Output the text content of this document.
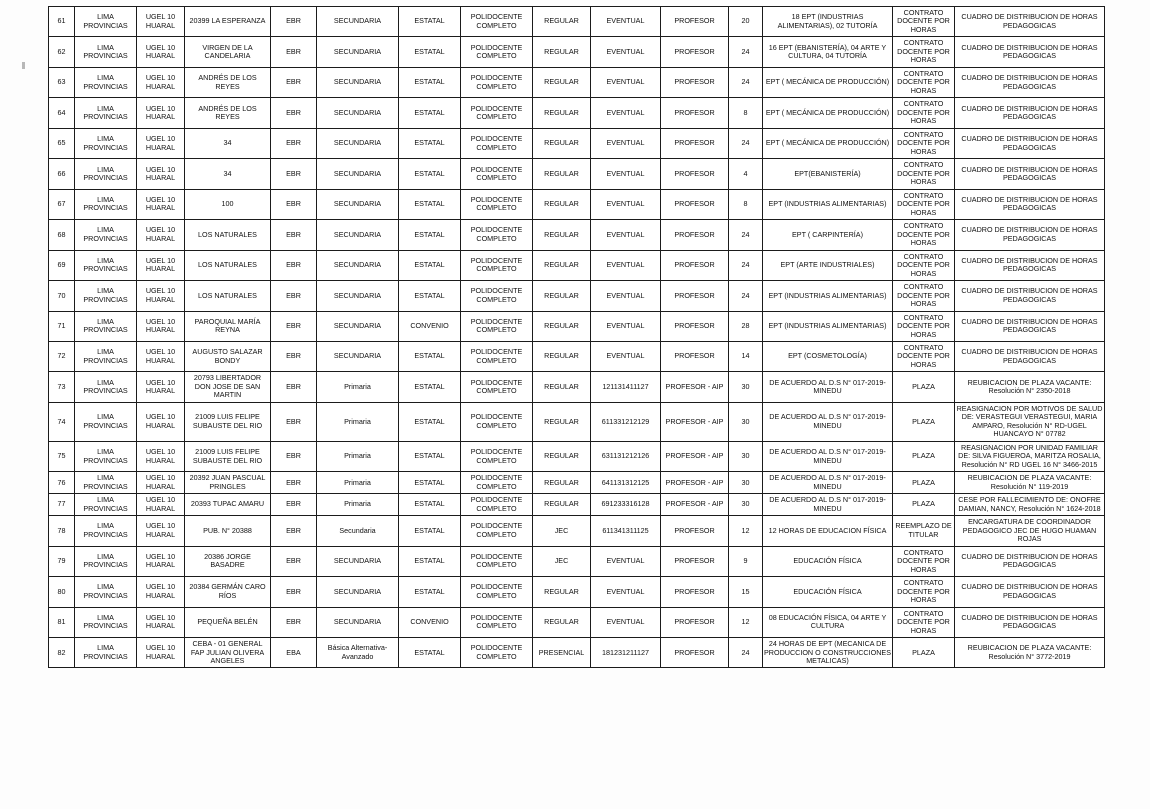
61	LIMA PROVINCIAS	UGEL 10 HUARAL	20399 LA ESPERANZA	EBR	SECUNDARIA	ESTATAL	POLIDOCENTE COMPLETO	REGULAR	EVENTUAL	PROFESOR	20	18 EPT (INDUSTRIAS ALIMENTARIAS), 02 TUTORÍA	CONTRATO DOCENTE POR HORAS	CUADRO DE DISTRIBUCION DE HORAS PEDAGOGICAS
62	LIMA PROVINCIAS	UGEL 10 HUARAL	VIRGEN DE LA CANDELARIA	EBR	SECUNDARIA	ESTATAL	POLIDOCENTE COMPLETO	REGULAR	EVENTUAL	PROFESOR	24	16 EPT (EBANISTERÍA), 04 ARTE Y CULTURA, 04 TUTORÍA	CONTRATO DOCENTE POR HORAS	CUADRO DE DISTRIBUCION DE HORAS PEDAGOGICAS
63	LIMA PROVINCIAS	UGEL 10 HUARAL	ANDRÉS DE LOS REYES	EBR	SECUNDARIA	ESTATAL	POLIDOCENTE COMPLETO	REGULAR	EVENTUAL	PROFESOR	24	EPT ( MECÁNICA DE PRODUCCIÓN)	CONTRATO DOCENTE POR HORAS	CUADRO DE DISTRIBUCION DE HORAS PEDAGOGICAS
64	LIMA PROVINCIAS	UGEL 10 HUARAL	ANDRÉS DE LOS REYES	EBR	SECUNDARIA	ESTATAL	POLIDOCENTE COMPLETO	REGULAR	EVENTUAL	PROFESOR	8	EPT ( MECÁNICA DE PRODUCCIÓN)	CONTRATO DOCENTE POR HORAS	CUADRO DE DISTRIBUCION DE HORAS PEDAGOGICAS
65	LIMA PROVINCIAS	UGEL 10 HUARAL	34	EBR	SECUNDARIA	ESTATAL	POLIDOCENTE COMPLETO	REGULAR	EVENTUAL	PROFESOR	24	EPT ( MECÁNICA DE PRODUCCIÓN)	CONTRATO DOCENTE POR HORAS	CUADRO DE DISTRIBUCION DE HORAS PEDAGOGICAS
66	LIMA PROVINCIAS	UGEL 10 HUARAL	34	EBR	SECUNDARIA	ESTATAL	POLIDOCENTE COMPLETO	REGULAR	EVENTUAL	PROFESOR	4	EPT(EBANISTERÍA)	CONTRATO DOCENTE POR HORAS	CUADRO DE DISTRIBUCION DE HORAS PEDAGOGICAS
67	LIMA PROVINCIAS	UGEL 10 HUARAL	100	EBR	SECUNDARIA	ESTATAL	POLIDOCENTE COMPLETO	REGULAR	EVENTUAL	PROFESOR	8	EPT (INDUSTRIAS ALIMENTARIAS)	CONTRATO DOCENTE POR HORAS	CUADRO DE DISTRIBUCION DE HORAS PEDAGOGICAS
68	LIMA PROVINCIAS	UGEL 10 HUARAL	LOS NATURALES	EBR	SECUNDARIA	ESTATAL	POLIDOCENTE COMPLETO	REGULAR	EVENTUAL	PROFESOR	24	EPT ( CARPINTERÍA)	CONTRATO DOCENTE POR HORAS	CUADRO DE DISTRIBUCION DE HORAS PEDAGOGICAS
69	LIMA PROVINCIAS	UGEL 10 HUARAL	LOS NATURALES	EBR	SECUNDARIA	ESTATAL	POLIDOCENTE COMPLETO	REGULAR	EVENTUAL	PROFESOR	24	EPT (ARTE INDUSTRIALES)	CONTRATO DOCENTE POR HORAS	CUADRO DE DISTRIBUCION DE HORAS PEDAGOGICAS
70	LIMA PROVINCIAS	UGEL 10 HUARAL	LOS NATURALES	EBR	SECUNDARIA	ESTATAL	POLIDOCENTE COMPLETO	REGULAR	EVENTUAL	PROFESOR	24	EPT (INDUSTRIAS ALIMENTARIAS)	CONTRATO DOCENTE POR HORAS	CUADRO DE DISTRIBUCION DE HORAS PEDAGOGICAS
71	LIMA PROVINCIAS	UGEL 10 HUARAL	PAROQUIAL MARÍA REYNA	EBR	SECUNDARIA	CONVENIO	POLIDOCENTE COMPLETO	REGULAR	EVENTUAL	PROFESOR	28	EPT (INDUSTRIAS ALIMENTARIAS)	CONTRATO DOCENTE POR HORAS	CUADRO DE DISTRIBUCION DE HORAS PEDAGOGICAS
72	LIMA PROVINCIAS	UGEL 10 HUARAL	AUGUSTO SALAZAR BONDY	EBR	SECUNDARIA	ESTATAL	POLIDOCENTE COMPLETO	REGULAR	EVENTUAL	PROFESOR	14	EPT (COSMETOLOGÍA)	CONTRATO DOCENTE POR HORAS	CUADRO DE DISTRIBUCION DE HORAS PEDAGOGICAS
73	LIMA PROVINCIAS	UGEL 10 HUARAL	20793 LIBERTADOR DON JOSE DE SAN MARTIN	EBR	Primaria	ESTATAL	POLIDOCENTE COMPLETO	REGULAR	121131411127	PROFESOR - AIP	30	DE ACUERDO AL D.S N° 017-2019- MINEDU	PLAZA	REUBICACION DE PLAZA VACANTE: Resolución N° 2350-2018
74	LIMA PROVINCIAS	UGEL 10 HUARAL	21009 LUIS FELIPE SUBAUSTE DEL RIO	EBR	Primaria	ESTATAL	POLIDOCENTE COMPLETO	REGULAR	611331212129	PROFESOR - AIP	30	DE ACUERDO AL D.S N° 017-2019- MINEDU	PLAZA	REASIGNACION POR MOTIVOS DE SALUD DE: VERASTEGUI VERASTEGUI, MARIA AMPARO, Resolución N° RD-UGEL HUANCAYO N° 07782
75	LIMA PROVINCIAS	UGEL 10 HUARAL	21009 LUIS FELIPE SUBAUSTE DEL RIO	EBR	Primaria	ESTATAL	POLIDOCENTE COMPLETO	REGULAR	631131212126	PROFESOR - AIP	30	DE ACUERDO AL D.S N° 017-2019- MINEDU	PLAZA	REASIGNACION POR UNIDAD FAMILIAR DE: SILVA FIGUEROA, MARITZA ROSALIA, Resolución N° RD UGEL 16 N° 3466-2015
76	LIMA PROVINCIAS	UGEL 10 HUARAL	20392 JUAN PASCUAL PRINGLES	EBR	Primaria	ESTATAL	POLIDOCENTE COMPLETO	REGULAR	641131312125	PROFESOR - AIP	30	DE ACUERDO AL D.S N° 017-2019- MINEDU	PLAZA	REUBICACION DE PLAZA VACANTE: Resolución N° 119-2019
77	LIMA PROVINCIAS	UGEL 10 HUARAL	20393 TUPAC AMARU	EBR	Primaria	ESTATAL	POLIDOCENTE COMPLETO	REGULAR	691233316128	PROFESOR - AIP	30	DE ACUERDO AL D.S N° 017-2019- MINEDU	PLAZA	CESE POR FALLECIMIENTO DE: ONOFRE DAMIAN, NANCY, Resolución N° 1624-2018
78	LIMA PROVINCIAS	UGEL 10 HUARAL	PUB. N° 20388	EBR	Secundaria	ESTATAL	POLIDOCENTE COMPLETO	JEC	611341311125	PROFESOR	12	12 HORAS DE EDUCACION FÍSICA	REEMPLAZO DE TITULAR	ENCARGATURA DE COORDINADOR PEDAGOGICO JEC DE HUGO HUAMAN ROJAS
79	LIMA PROVINCIAS	UGEL 10 HUARAL	20386 JORGE BASADRE	EBR	SECUNDARIA	ESTATAL	POLIDOCENTE COMPLETO	JEC	EVENTUAL	PROFESOR	9	EDUCACIÓN FÍSICA	CONTRATO DOCENTE POR HORAS	CUADRO DE DISTRIBUCION DE HORAS PEDAGOGICAS
80	LIMA PROVINCIAS	UGEL 10 HUARAL	20384 GERMÁN CARO RÍOS	EBR	SECUNDARIA	ESTATAL	POLIDOCENTE COMPLETO	REGULAR	EVENTUAL	PROFESOR	15	EDUCACIÓN FÍSICA	CONTRATO DOCENTE POR HORAS	CUADRO DE DISTRIBUCION DE HORAS PEDAGOGICAS
81	LIMA PROVINCIAS	UGEL 10 HUARAL	PEQUEÑA BELÉN	EBR	SECUNDARIA	CONVENIO	POLIDOCENTE COMPLETO	REGULAR	EVENTUAL	PROFESOR	12	08 EDUCACIÓN FÍSICA, 04 ARTE Y CULTURA	CONTRATO DOCENTE POR HORAS	CUADRO DE DISTRIBUCION DE HORAS PEDAGOGICAS
82	LIMA PROVINCIAS	UGEL 10 HUARAL	CEBA - 01 GENERAL FAP JULIAN OLIVERA ANGELES	EBA	Básica Alternativa-Avanzado	ESTATAL	POLIDOCENTE COMPLETO	PRESENCIAL	181231211127	PROFESOR	24	24 HORAS DE EPT (MECANICA DE PRODUCCION O CONSTRUCCIONES METALICAS)	PLAZA	REUBICACION DE PLAZA VACANTE: Resolución N° 3772-2019
